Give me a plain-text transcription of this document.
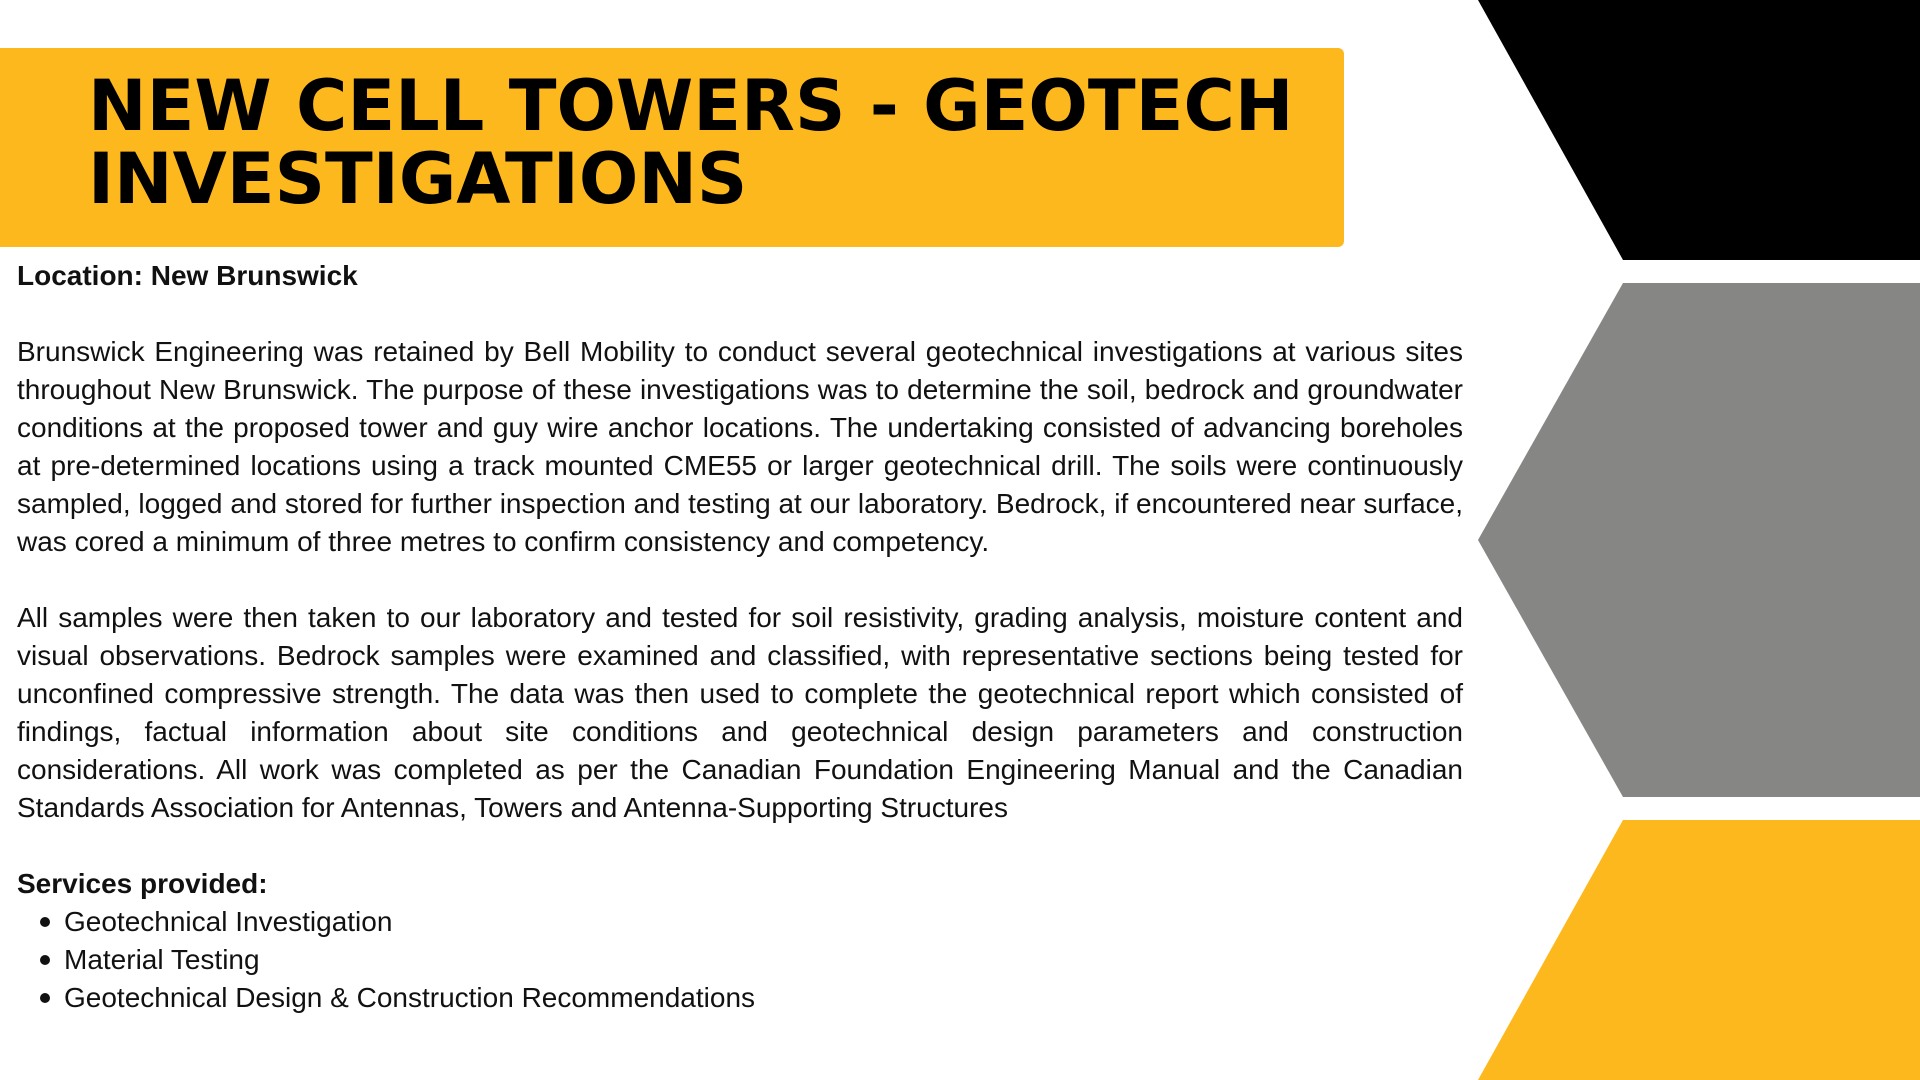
NEW CELL TOWERS - GEOTECH
INVESTIGATIONS

Location: New Brunswick

Brunswick Engineering was retained by Bell Mobility to conduct several geotechnical investigations at various sites throughout New Brunswick. The purpose of these investigations was to determine the soil, bedrock and groundwater conditions at the proposed tower and guy wire anchor locations. The undertaking consisted of advancing boreholes at pre-determined locations using a track mounted CME55 or larger geotechnical drill. The soils were continuously sampled, logged and stored for further inspection and testing at our laboratory. Bedrock, if encountered near surface, was cored a minimum of three metres to confirm consistency and competency.

All samples were then taken to our laboratory and tested for soil resistivity, grading analysis, moisture content and visual observations. Bedrock samples were examined and classified, with representative sections being tested for unconfined compressive strength. The data was then used to complete the geotechnical report which consisted of findings, factual information about site conditions and geotechnical design parameters and construction considerations. All work was completed as per the Canadian Foundation Engineering Manual and the Canadian Standards Association for Antennas, Towers and Antenna-Supporting Structures

Services provided:

Geotechnical Investigation
Material Testing
Geotechnical Design & Construction Recommendations
